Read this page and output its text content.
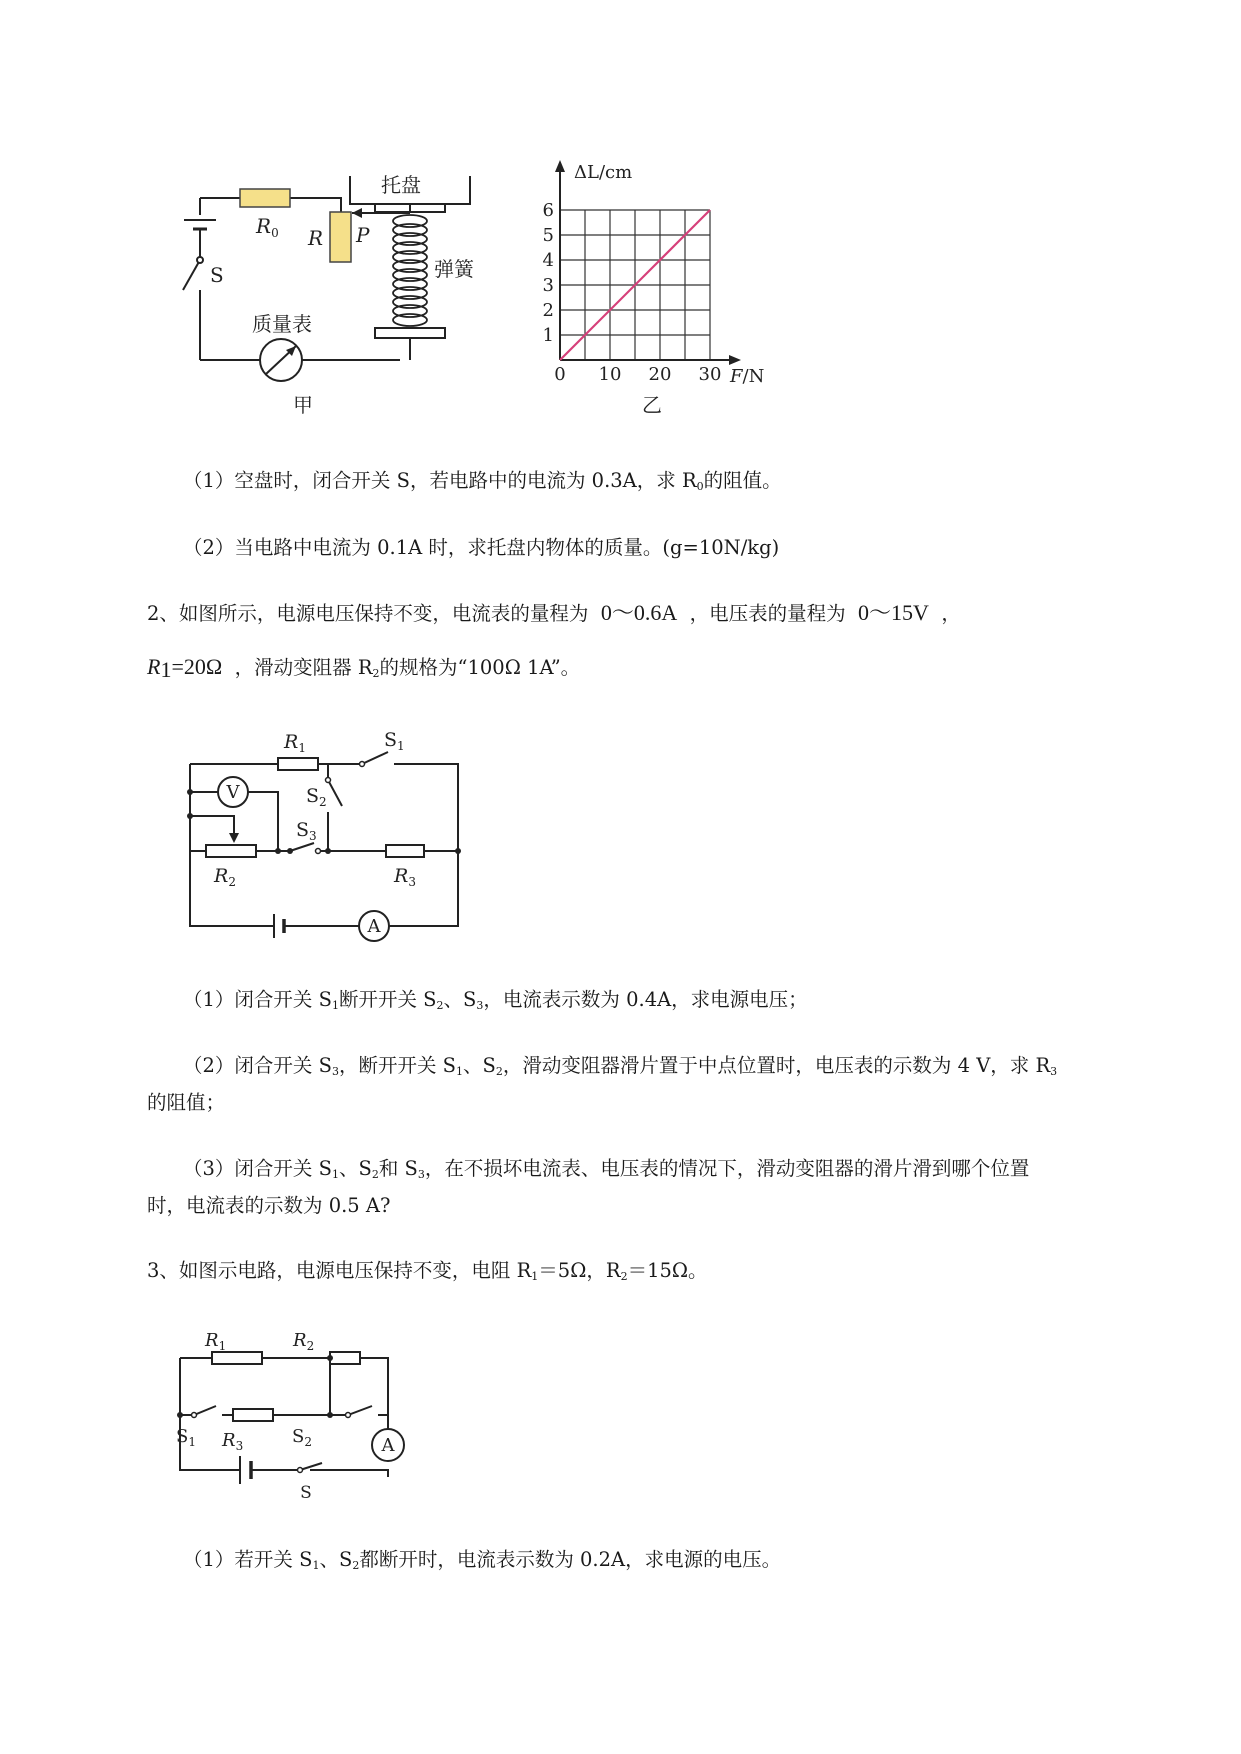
$R_0$ R P
S
托盘
弹簧
质量表
甲
0 10 20 30
1
2
3
4
5
6
ΔL/cm
F/N
乙

（1）空盘时，闭合开关 S，若电路中的电流为 0.3A，求 $R_0$的阻值。

（2）当电路中电流为 0.1A 时，求托盘内物体的质量。(g=10N/kg)

2、如图所示，电源电压保持不变，电流表的量程为 0～0.6A ，电压表的量程为 0～15V ，

$R_1=20\Omega$ ，滑动变阻器 $R_2$的规格为“100Ω 1A”。

V
A
$R_1$
$R_2$	$R_3$
$S_1$
$S_2$
$S_3$

（1）闭合开关 $S_1$断开开关 $S_2$、$S_3$，电流表示数为 0.4A，求电源电压；

（2）闭合开关 $S_3$，断开开关 $S_1$、$S_2$，滑动变阻器滑片置于中点位置时，电压表的示数为 4 V，求 $R_3$

的阻值；

（3）闭合开关 $S_1$、$S_2$和 $S_3$，在不损坏电流表、电压表的情况下，滑动变阻器的滑片滑到哪个位置

时，电流表的示数为 0.5 A?

3、如图示电路，电源电压保持不变，电阻 $R_1=5\Omega$，$R_2=15\Omega$。

A
$R_1$	$R_2$
$R_3$
$S_1$	$S_2$
S

（1）若开关 $S_1$、$S_2$都断开时，电流表示数为 0.2A，求电源的电压。
